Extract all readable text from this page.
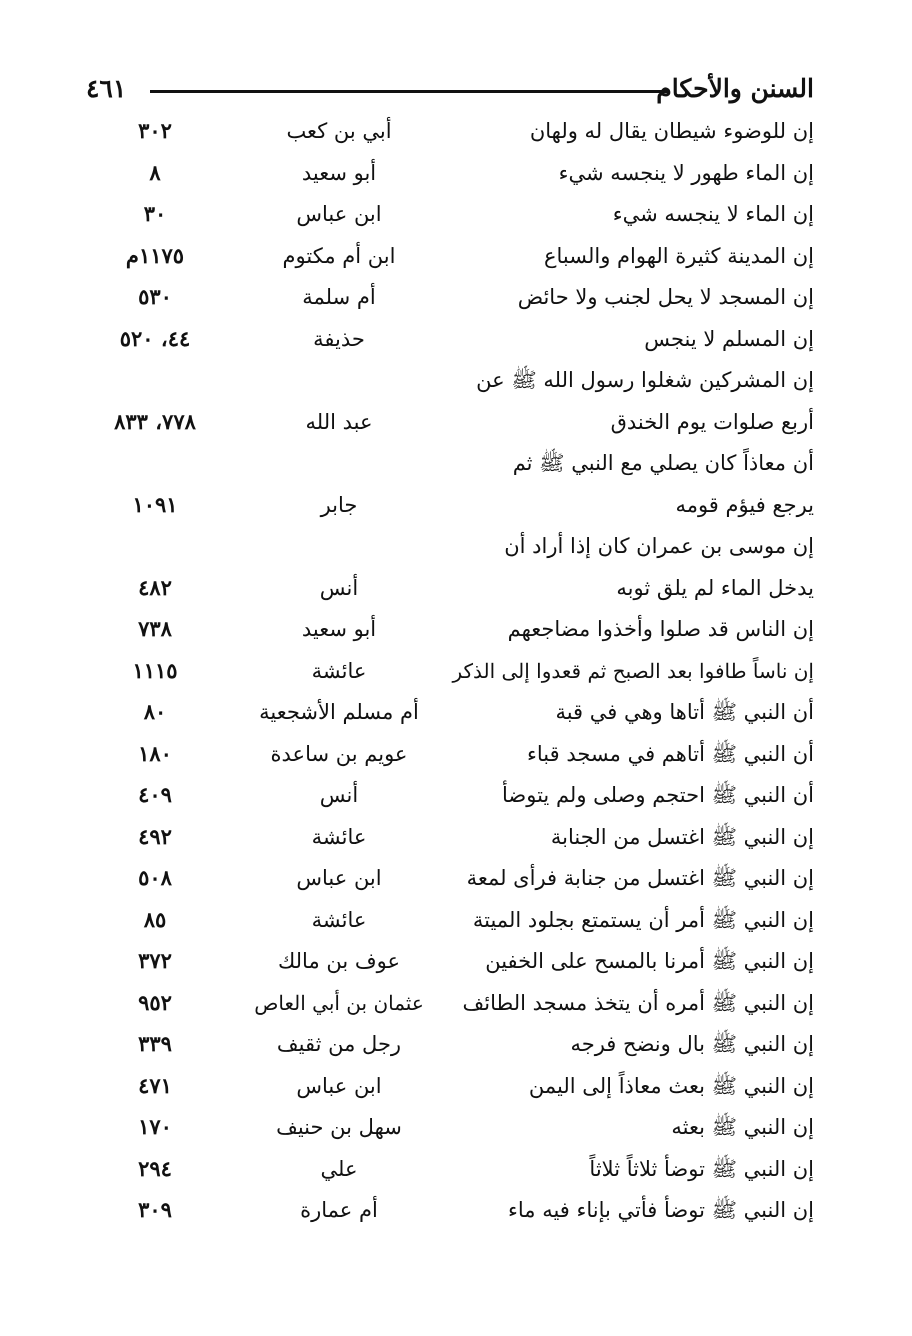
السنن والأحكام
٤٦١
إن للوضوء شيطان يقال له ولهان
أبي بن كعب
٣٠٢
إن الماء طهور لا ينجسه شيء
أبو سعيد
٨
إن الماء لا ينجسه شيء
ابن عباس
٣٠
إن المدينة كثيرة الهوام والسباع
ابن أم مكتوم
١١٧٥م
إن المسجد لا يحل لجنب ولا حائض
أم سلمة
٥٣٠
إن المسلم لا ينجس
حذيفة
٤٤، ٥٢٠
إن المشركين شغلوا رسول الله ﷺ عن
أربع صلوات يوم الخندق
عبد الله
٧٧٨، ٨٣٣
أن معاذاً كان يصلي مع النبي ﷺ ثم
يرجع فيؤم قومه
جابر
١٠٩١
إن موسى بن عمران كان إذا أراد أن
يدخل الماء لم يلق ثوبه
أنس
٤٨٢
إن الناس قد صلوا وأخذوا مضاجعهم
أبو سعيد
٧٣٨
إن ناساً طافوا بعد الصبح ثم قعدوا إلى الذكر
عائشة
١١١٥
أن النبي ﷺ أتاها وهي في قبة
أم مسلم الأشجعية
٨٠
أن النبي ﷺ أتاهم في مسجد قباء
عويم بن ساعدة
١٨٠
أن النبي ﷺ احتجم وصلى ولم يتوضأ
أنس
٤٠٩
إن النبي ﷺ اغتسل من الجنابة
عائشة
٤٩٢
إن النبي ﷺ اغتسل من جنابة فرأى لمعة
ابن عباس
٥٠٨
إن النبي ﷺ أمر أن يستمتع بجلود الميتة
عائشة
٨٥
إن النبي ﷺ أمرنا بالمسح على الخفين
عوف بن مالك
٣٧٢
إن النبي ﷺ أمره أن يتخذ مسجد الطائف
عثمان بن أبي العاص
٩٥٢
إن النبي ﷺ بال ونضح فرجه
رجل من ثقيف
٣٣٩
إن النبي ﷺ بعث معاذاً إلى اليمن
ابن عباس
٤٧١
إن النبي ﷺ بعثه
سهل بن حنيف
١٧٠
إن النبي ﷺ توضأ ثلاثاً ثلاثاً
علي
٢٩٤
إن النبي ﷺ توضأ فأتي بإناء فيه ماء
أم عمارة
٣٠٩
